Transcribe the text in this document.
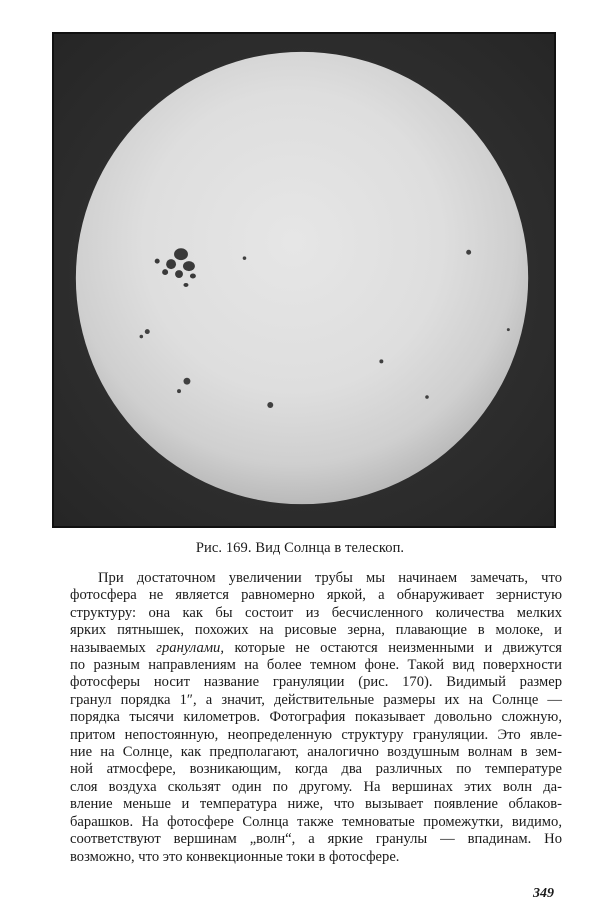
Рис. 169. Вид Солнца в телескоп.
При достаточном увеличении трубы мы начинаем замечать, что
фотосфера не является равномерно яркой, а обнаруживает зернистую
структуру: она как бы состоит из бесчисленного количества мелких
ярких пятнышек, похожих на рисовые зерна, плавающие в молоке, и
называемых гранулами, которые не остаются неизменными и движутся
по разным направлениям на более темном фоне. Такой вид поверхности
фотосферы носит название грануляции (рис. 170). Видимый размер
гранул порядка 1″, а значит, действительные размеры их на Солнце —
порядка тысячи километров. Фотография показывает довольно сложную,
притом непостоянную, неопределенную структуру грануляции. Это явле-
ние на Солнце, как предполагают, аналогично воздушным волнам в зем-
ной атмосфере, возникающим, когда два различных по температуре
слоя воздуха скользят один по другому. На вершинах этих волн да-
вление меньше и температура ниже, что вызывает появление облаков-
барашков. На фотосфере Солнца также темноватые промежутки, видимо,
соответствуют вершинам „волн“, а яркие гранулы — впадинам. Но
возможно, что это конвекционные токи в фотосфере.
349
